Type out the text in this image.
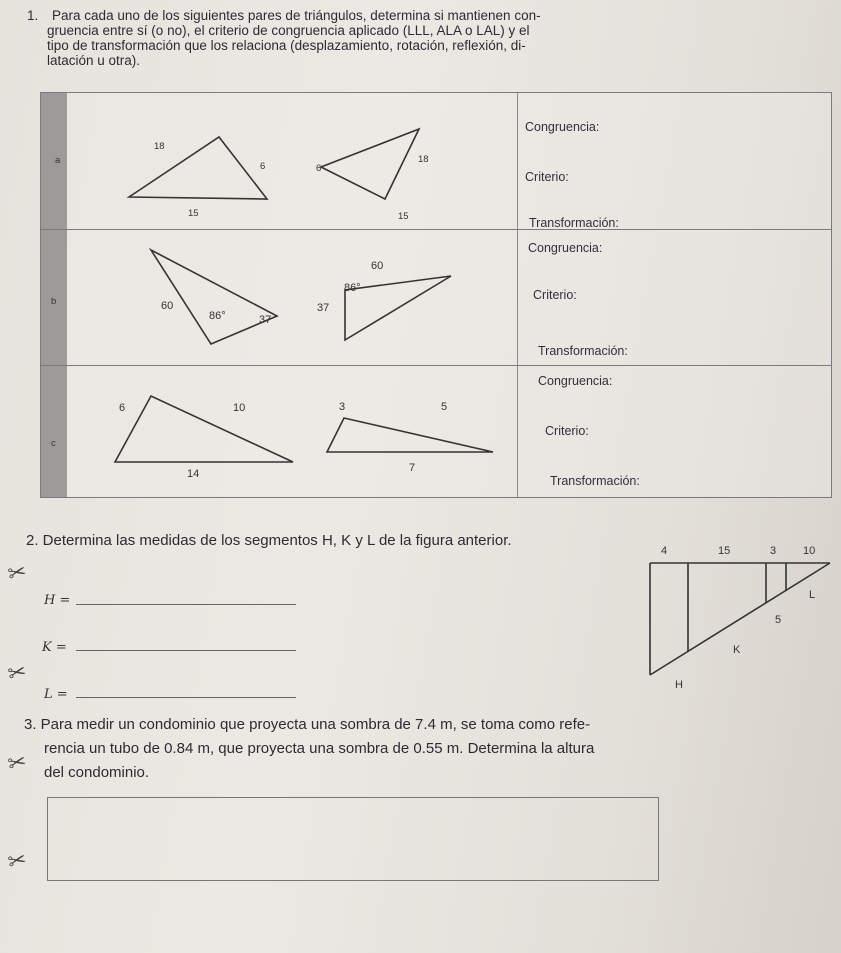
1. Para cada uno de los siguientes pares de triángulos, determina si mantienen con-

gruencia entre sí (o no), el criterio de congruencia aplicado (LLL, ALA o LAL) y el

tipo de transformación que los relaciona (desplazamiento, rotación, reflexión, di-

latación u otra).

a
18
6
15
6
18
15
Congruencia:
Criterio:
Transformación:
b	60
86°	37
60
86°
37
Congruencia:
Criterio:
Transformación:
c
6	10
14
3	5
7
Congruencia:
Criterio:
Transformación:
2. Determina las medidas de los segmentos H, K y L de la figura anterior.
H =
K =
L =
4	15	3 10
L
5
K
H
3. Para medir un condominio que proyecta una sombra de 7.4 m, se toma como refe-
rencia un tubo de 0.84 m, que proyecta una sombra de 0.55 m. Determina la altura
del condominio.
✂
✂
✂
✂
